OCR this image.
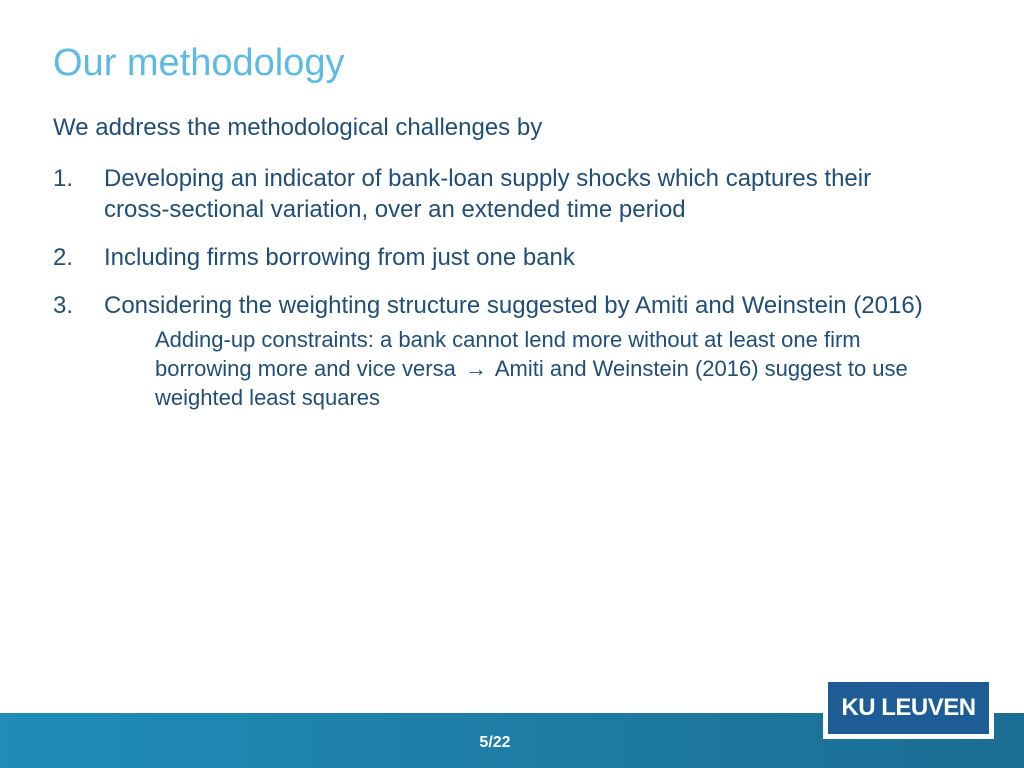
Our methodology

We address the methodological challenges by

1.	Developing an indicator of bank-loan supply shocks which captures their cross-sectional variation, over an extended time period
2.	Including firms borrowing from just one bank
3.	Considering the weighting structure suggested by Amiti and Weinstein (2016)
Adding-up constraints: a bank cannot lend more without at least one firm borrowing more and vice versa → Amiti and Weinstein (2016) suggest to use weighted least squares
5/22
KU LEUVEN
